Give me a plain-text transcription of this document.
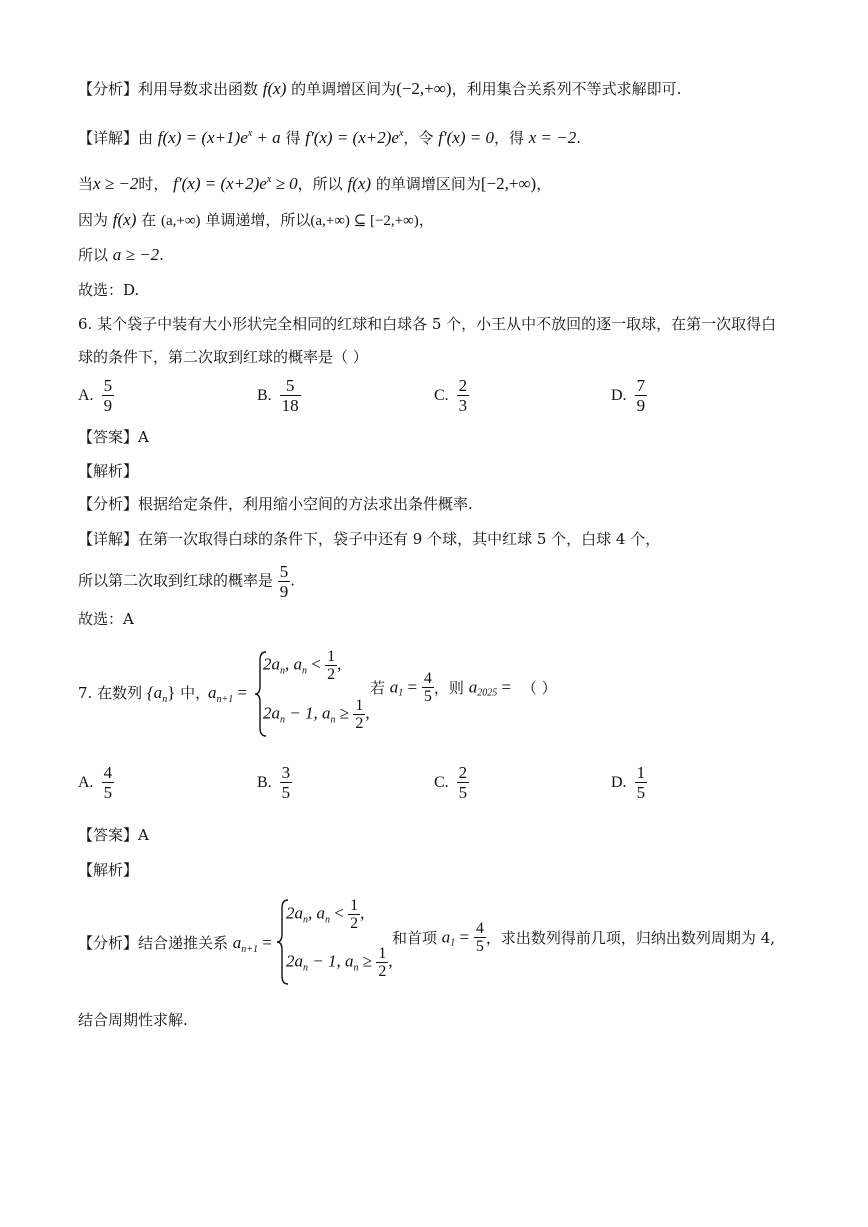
【分析】利用导数求出函数 f(x) 的单调增区间为(−2,+∞)，利用集合关系列不等式求解即可.
【详解】由 $f(x) = (x+1)e^x + a$ 得 $f'(x) = (x+2)e^x$，令 f′(x) = 0，得 x = −2.
当x ≥ −2时， $f'(x) = (x+2)e^x \ge 0$，所以 f(x) 的单调增区间为[−2,+∞)，
因为 f(x) 在 (a,+∞) 单调递增，所以(a,+∞) ⊆ [−2,+∞)，
所以 a ≥ −2.
故选：D.
6. 某个袋子中装有大小形状完全相同的红球和白球各 5 个，小王从中不放回的逐一取球，在第一次取得白
球的条件下，第二次取到红球的概率是（ ）
A. $\frac{5}{9}$	B. $\frac{5}{18}$	C. $\frac{2}{3}$	D. $\frac{7}{9}$
【答案】A
【解析】
【分析】根据给定条件，利用缩小空间的方法求出条件概率.
【详解】在第一次取得白球的条件下，袋子中还有 9 个球，其中红球 5 个，白球 4 个，
所以第二次取到红球的概率是 $\frac{5}{9}$ .
故选：A
7. 在数列 $\{a_n\}$ 中，
$a_{n+1}$ =
$2a_n$, $a_n < \frac{1}{2}$ ,
$2a_n - 1$, $a_n \ge \frac{1}{2}$ ,
若 $a_1 = \frac{4}{5}$ ，则 $a_{2025}$ = （ ）
A. $\frac{4}{5}$	B. $\frac{3}{5}$	C. $\frac{2}{5}$	D. $\frac{1}{5}$
【答案】A
【解析】
【分析】结合递推关系 $a_{n+1}$ =
$2a_n$, $a_n < \frac{1}{2}$ ,
$2a_n - 1$, $a_n \ge \frac{1}{2}$ ,
和首项 $a_1 = \frac{4}{5}$ ，求出数列得前几项，归纳出数列周期为 4,
结合周期性求解.
